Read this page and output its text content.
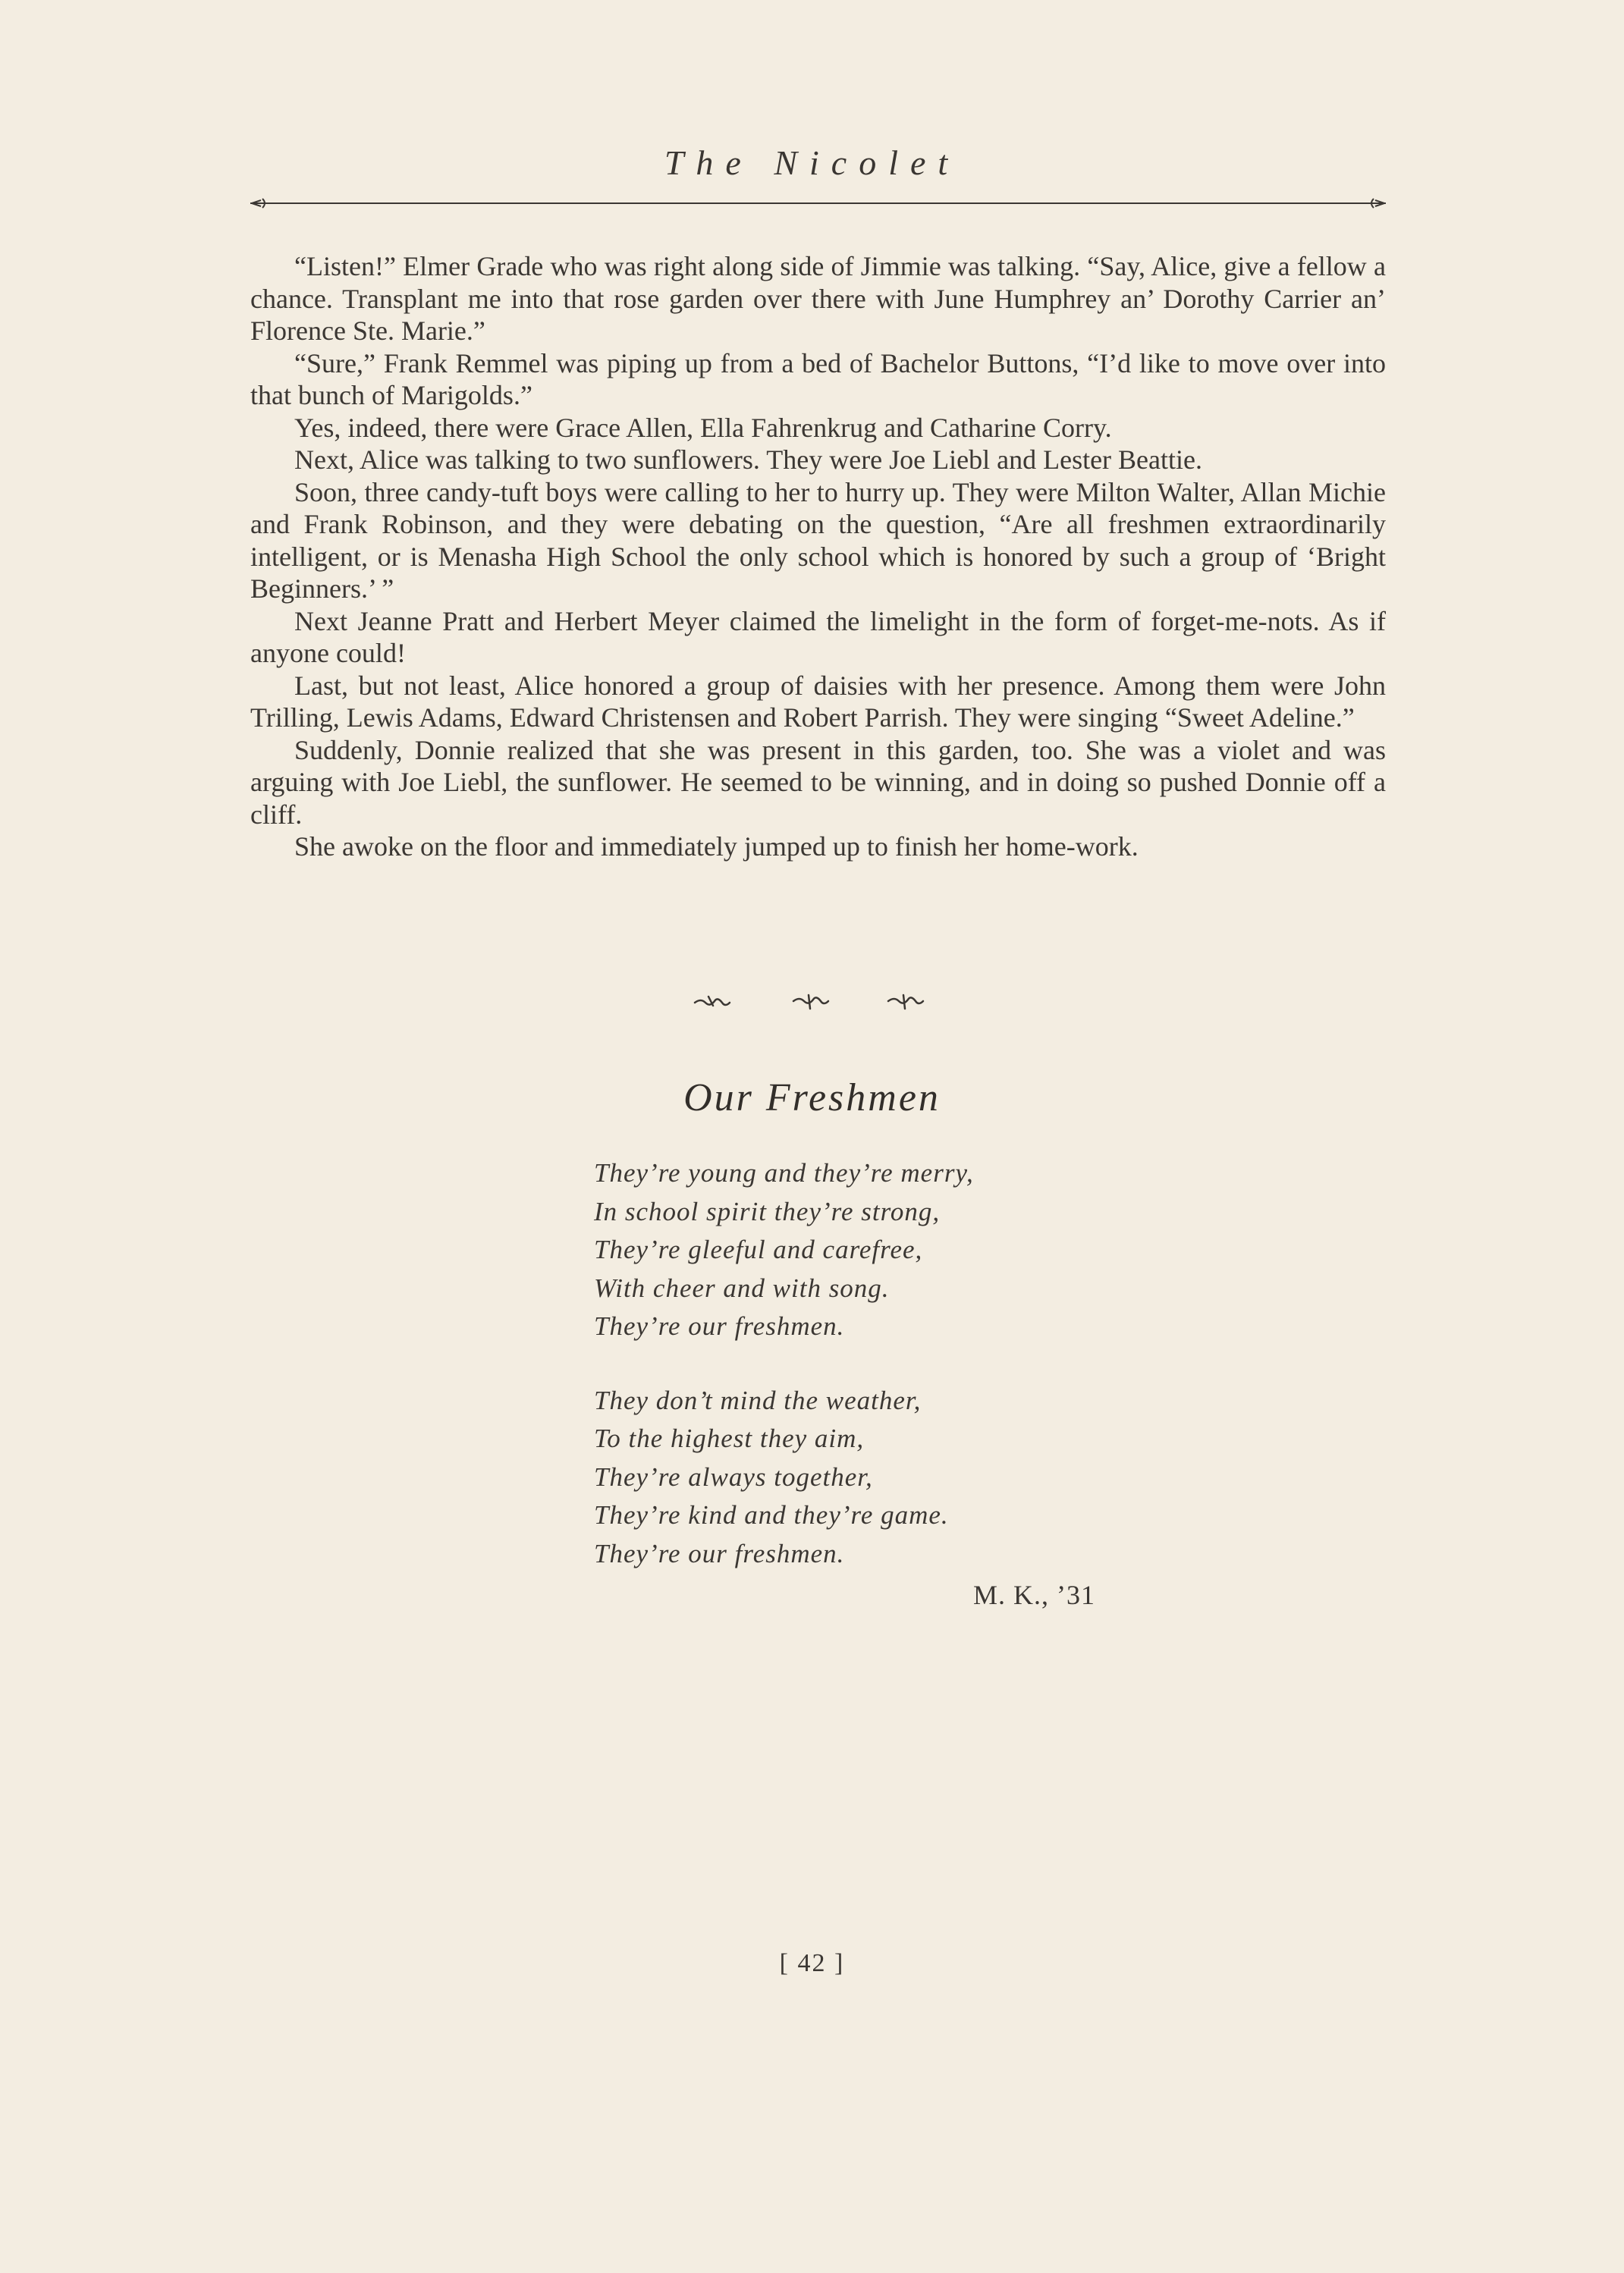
The Nicolet

“Listen!” Elmer Grade who was right along side of Jimmie was talking. “Say, Alice, give a fellow a chance. Transplant me into that rose garden over there with June Humphrey an’ Dorothy Carrier an’ Florence Ste. Marie.”

“Sure,” Frank Remmel was piping up from a bed of Bachelor Buttons, “I’d like to move over into that bunch of Marigolds.”

Yes, indeed, there were Grace Allen, Ella Fahrenkrug and Catharine Corry.

Next, Alice was talking to two sunflowers. They were Joe Liebl and Lester Beattie.

Soon, three candy-tuft boys were calling to her to hurry up. They were Milton Walter, Allan Michie and Frank Robinson, and they were debating on the question, “Are all freshmen extraordinarily intelligent, or is Menasha High School the only school which is honored by such a group of ‘Bright Beginners.’ ”

Next Jeanne Pratt and Herbert Meyer claimed the limelight in the form of forget-me-nots. As if anyone could!

Last, but not least, Alice honored a group of daisies with her presence. Among them were John Trilling, Lewis Adams, Edward Christensen and Robert Parrish. They were singing “Sweet Adeline.”

Suddenly, Donnie realized that she was present in this garden, too. She was a violet and was arguing with Joe Liebl, the sunflower. He seemed to be winning, and in doing so pushed Donnie off a cliff.

She awoke on the floor and immediately jumped up to finish her home-work.

Our Freshmen
They’re young and they’re merry,
In school spirit they’re strong,
They’re gleeful and carefree,
With cheer and with song.
They’re our freshmen.
They don’t mind the weather,
To the highest they aim,
They’re always together,
They’re kind and they’re game.
They’re our freshmen.
M. K., ’31
[ 42 ]
